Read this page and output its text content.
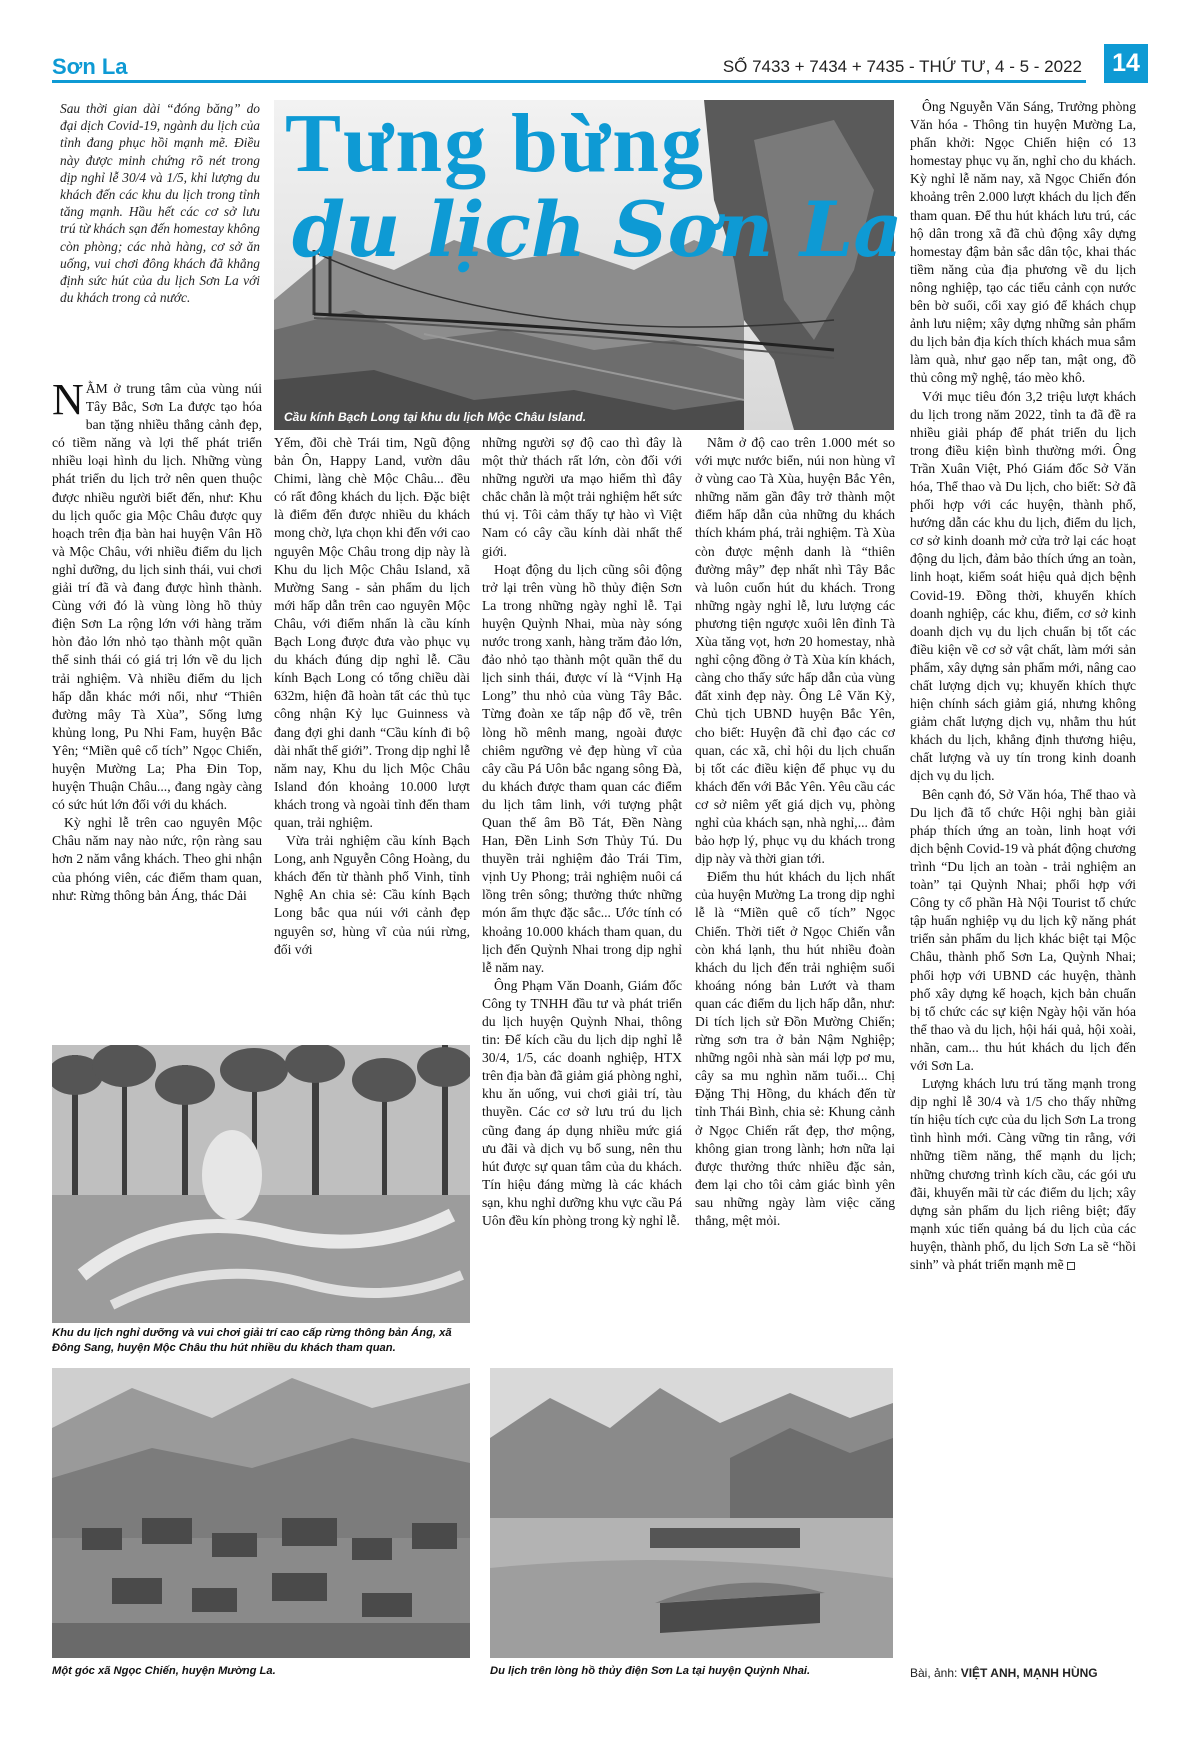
Sơn La	SỐ 7433 + 7434 + 7435 - THỨ TƯ, 4 - 5 - 2022	14
Sau thời gian dài “đóng băng” do đại dịch Covid-19, ngành du lịch của tỉnh đang phục hồi mạnh mẽ. Điều này được minh chứng rõ nét trong dịp nghỉ lễ 30/4 và 1/5, khi lượng du khách đến các khu du lịch trong tỉnh tăng mạnh. Hầu hết các cơ sở lưu trú từ khách sạn đến homestay không còn phòng; các nhà hàng, cơ sở ăn uống, vui chơi đông khách đã khẳng định sức hút của du lịch Sơn La với du khách trong cả nước.
Tưng bừng
du lịch Sơn La
Cầu kính Bạch Long tại khu du lịch Mộc Châu Island.

NẰM ở trung tâm của vùng núi Tây Bắc, Sơn La được tạo hóa ban tặng nhiều thắng cảnh đẹp, có tiềm năng và lợi thế phát triển nhiều loại hình du lịch. Những vùng phát triển du lịch trở nên quen thuộc được nhiều người biết đến, như: Khu du lịch quốc gia Mộc Châu được quy hoạch trên địa bàn hai huyện Vân Hồ và Mộc Châu, với nhiều điểm du lịch nghỉ dưỡng, du lịch sinh thái, vui chơi giải trí đã và đang được hình thành. Cùng với đó là vùng lòng hồ thủy điện Sơn La rộng lớn với hàng trăm hòn đảo lớn nhỏ tạo thành một quần thể sinh thái có giá trị lớn về du lịch trải nghiệm. Và nhiều điểm du lịch hấp dẫn khác mới nổi, như “Thiên đường mây Tà Xùa”, Sống lưng khủng long, Pu Nhi Fam, huyện Bắc Yên; “Miền quê cổ tích” Ngọc Chiến, huyện Mường La; Pha Đin Top, huyện Thuận Châu..., đang ngày càng có sức hút lớn đối với du khách.

Kỳ nghỉ lễ trên cao nguyên Mộc Châu năm nay nào nức, rộn ràng sau hơn 2 năm vắng khách. Theo ghi nhận của phóng viên, các điểm tham quan, như: Rừng thông bản Áng, thác Dải

Yếm, đồi chè Trái tim, Ngũ động bản Ôn, Happy Land, vườn dâu Chimi, làng chè Mộc Châu... đều có rất đông khách du lịch. Đặc biệt là điểm đến được nhiều du khách mong chờ, lựa chọn khi đến với cao nguyên Mộc Châu trong dịp này là Khu du lịch Mộc Châu Island, xã Mường Sang - sản phẩm du lịch mới hấp dẫn trên cao nguyên Mộc Châu, với điểm nhấn là cầu kính Bạch Long được đưa vào phục vụ du khách đúng dịp nghỉ lễ. Cầu kính Bạch Long có tổng chiều dài 632m, hiện đã hoàn tất các thủ tục công nhận Kỷ lục Guinness và đang đợi ghi danh “Cầu kính đi bộ dài nhất thế giới”. Trong dịp nghỉ lễ năm nay, Khu du lịch Mộc Châu Island đón khoảng 10.000 lượt khách trong và ngoài tỉnh đến tham quan, trải nghiệm.

Vừa trải nghiệm cầu kính Bạch Long, anh Nguyễn Công Hoàng, du khách đến từ thành phố Vinh, tỉnh Nghệ An chia sẻ: Cầu kính Bạch Long bắc qua núi với cảnh đẹp nguyên sơ, hùng vĩ của núi rừng, đối với

những người sợ độ cao thì đây là một thử thách rất lớn, còn đối với những người ưa mạo hiểm thì đây chắc chắn là một trải nghiệm hết sức thú vị. Tôi cảm thấy tự hào vì Việt Nam có cây cầu kính dài nhất thế giới.

Hoạt động du lịch cũng sôi động trở lại trên vùng hồ thủy điện Sơn La trong những ngày nghỉ lễ. Tại huyện Quỳnh Nhai, mùa này sóng nước trong xanh, hàng trăm đảo lớn, đảo nhỏ tạo thành một quần thể du lịch sinh thái, được ví là “Vịnh Hạ Long” thu nhỏ của vùng Tây Bắc. Từng đoàn xe tấp nập đổ về, trên lòng hồ mênh mang, ngoài được chiêm ngưỡng vẻ đẹp hùng vĩ của cây cầu Pá Uôn bắc ngang sông Đà, du khách được tham quan các điểm du lịch tâm linh, với tượng phật Quan thế âm Bồ Tát, Đền Nàng Han, Đền Linh Sơn Thủy Tú. Du thuyền trải nghiệm đảo Trái Tim, vịnh Uy Phong; trải nghiệm nuôi cá lồng trên sông; thưởng thức những món ẩm thực đặc sắc... Ước tính có khoảng 10.000 khách tham quan, du lịch đến Quỳnh Nhai trong dịp nghỉ lễ năm nay.

Ông Phạm Văn Doanh, Giám đốc Công ty TNHH đầu tư và phát triển du lịch huyện Quỳnh Nhai, thông tin: Để kích cầu du lịch dịp nghỉ lễ 30/4, 1/5, các doanh nghiệp, HTX trên địa bàn đã giảm giá phòng nghỉ, khu ăn uống, vui chơi giải trí, tàu thuyền. Các cơ sở lưu trú du lịch cũng đang áp dụng nhiều mức giá ưu đãi và dịch vụ bổ sung, nên thu hút được sự quan tâm của du khách. Tín hiệu đáng mừng là các khách sạn, khu nghỉ dưỡng khu vực cầu Pá Uôn đều kín phòng trong kỳ nghỉ lễ.

Nằm ở độ cao trên 1.000 mét so với mực nước biển, núi non hùng vĩ ở vùng cao Tà Xùa, huyện Bắc Yên, những năm gần đây trở thành một điểm hấp dẫn của những du khách thích khám phá, trải nghiệm. Tà Xùa còn được mệnh danh là “thiên đường mây” đẹp nhất nhì Tây Bắc và luôn cuốn hút du khách. Trong những ngày nghỉ lễ, lưu lượng các phương tiện ngược xuôi lên đỉnh Tà Xùa tăng vọt, hơn 20 homestay, nhà nghỉ cộng đồng ở Tà Xùa kín khách, càng cho thấy sức hấp dẫn của vùng đất xinh đẹp này. Ông Lê Văn Kỳ, Chủ tịch UBND huyện Bắc Yên, cho biết: Huyện đã chỉ đạo các cơ quan, các xã, chỉ hội du lịch chuẩn bị tốt các điều kiện để phục vụ du khách đến với Bắc Yên. Yêu cầu các cơ sở niêm yết giá dịch vụ, phòng nghỉ của khách sạn, nhà nghỉ,... đảm bảo hợp lý, phục vụ du khách trong dịp này và thời gian tới.

Điểm thu hút khách du lịch nhất của huyện Mường La trong dịp nghỉ lễ là “Miền quê cổ tích” Ngọc Chiến. Thời tiết ở Ngọc Chiến vẫn còn khá lạnh, thu hút nhiều đoàn khách du lịch đến trải nghiệm suối khoáng nóng bản Lướt và tham quan các điểm du lịch hấp dẫn, như: Di tích lịch sử Đồn Mường Chiến; rừng sơn tra ở bản Nậm Nghiệp; những ngôi nhà sàn mái lợp pơ mu, cây sa mu nghìn năm tuổi... Chị Đặng Thị Hồng, du khách đến từ tỉnh Thái Bình, chia sẻ: Khung cảnh ở Ngọc Chiến rất đẹp, thơ mộng, không gian trong lành; hơn nữa lại được thưởng thức nhiều đặc sản, đem lại cho tôi cảm giác bình yên sau những ngày làm việc căng thẳng, mệt mỏi.

Ông Nguyễn Văn Sáng, Trưởng phòng Văn hóa - Thông tin huyện Mường La, phấn khởi: Ngọc Chiến hiện có 13 homestay phục vụ ăn, nghỉ cho du khách. Kỳ nghỉ lễ năm nay, xã Ngọc Chiến đón khoảng trên 2.000 lượt khách du lịch đến tham quan. Để thu hút khách lưu trú, các hộ dân trong xã đã chủ động xây dựng homestay đậm bản sắc dân tộc, khai thác tiềm năng của địa phương về du lịch nông nghiệp, tạo các tiểu cảnh cọn nước bên bờ suối, cối xay gió để khách chụp ảnh lưu niệm; xây dựng những sản phẩm du lịch bản địa kích thích khách mua sắm làm quà, như gạo nếp tan, mật ong, đồ thủ công mỹ nghệ, táo mèo khô.

Với mục tiêu đón 3,2 triệu lượt khách du lịch trong năm 2022, tỉnh ta đã đề ra nhiều giải pháp để phát triển du lịch trong điều kiện bình thường mới. Ông Trần Xuân Việt, Phó Giám đốc Sở Văn hóa, Thể thao và Du lịch, cho biết: Sở đã phối hợp với các huyện, thành phố, hướng dẫn các khu du lịch, điểm du lịch, cơ sở kinh doanh mở cửa trở lại các hoạt động du lịch, đảm bảo thích ứng an toàn, linh hoạt, kiểm soát hiệu quả dịch bệnh Covid-19. Đồng thời, khuyến khích doanh nghiệp, các khu, điểm, cơ sở kinh doanh dịch vụ du lịch chuẩn bị tốt các điều kiện về cơ sở vật chất, làm mới sản phẩm, xây dựng sản phẩm mới, nâng cao chất lượng dịch vụ; khuyến khích thực hiện chính sách giảm giá, nhưng không giảm chất lượng dịch vụ, nhằm thu hút khách du lịch, khẳng định thương hiệu, chất lượng và uy tín trong kinh doanh dịch vụ du lịch.

Bên cạnh đó, Sở Văn hóa, Thể thao và Du lịch đã tổ chức Hội nghị bàn giải pháp thích ứng an toàn, linh hoạt với dịch bệnh Covid-19 và phát động chương trình “Du lịch an toàn - trải nghiệm an toàn” tại Quỳnh Nhai; phối hợp với Công ty cổ phần Hà Nội Tourist tổ chức tập huấn nghiệp vụ du lịch kỹ năng phát triển sản phẩm du lịch khác biệt tại Mộc Châu, thành phố Sơn La, Quỳnh Nhai; phối hợp với UBND các huyện, thành phố xây dựng kế hoạch, kịch bản chuẩn bị tổ chức các sự kiện Ngày hội văn hóa thể thao và du lịch, hội hái quả, hội xoài, nhãn, cam... thu hút khách du lịch đến với Sơn La.

Lượng khách lưu trú tăng mạnh trong dịp nghỉ lễ 30/4 và 1/5 cho thấy những tín hiệu tích cực của du lịch Sơn La trong tình hình mới. Càng vững tin rằng, với những tiềm năng, thế mạnh du lịch; những chương trình kích cầu, các gói ưu đãi, khuyến mãi từ các điểm du lịch; xây dựng sản phẩm du lịch riêng biệt; đẩy mạnh xúc tiến quảng bá du lịch của các huyện, thành phố, du lịch Sơn La sẽ “hồi sinh” và phát triển mạnh mẽ

Khu du lịch nghỉ dưỡng và vui chơi giải trí cao cấp rừng thông bản Áng, xã Đông Sang, huyện Mộc Châu thu hút nhiều du khách tham quan.
Một góc xã Ngọc Chiến, huyện Mường La.	Du lịch trên lòng hồ thủy điện Sơn La tại huyện Quỳnh Nhai.	Bài, ảnh: VIỆT ANH, MẠNH HÙNG
